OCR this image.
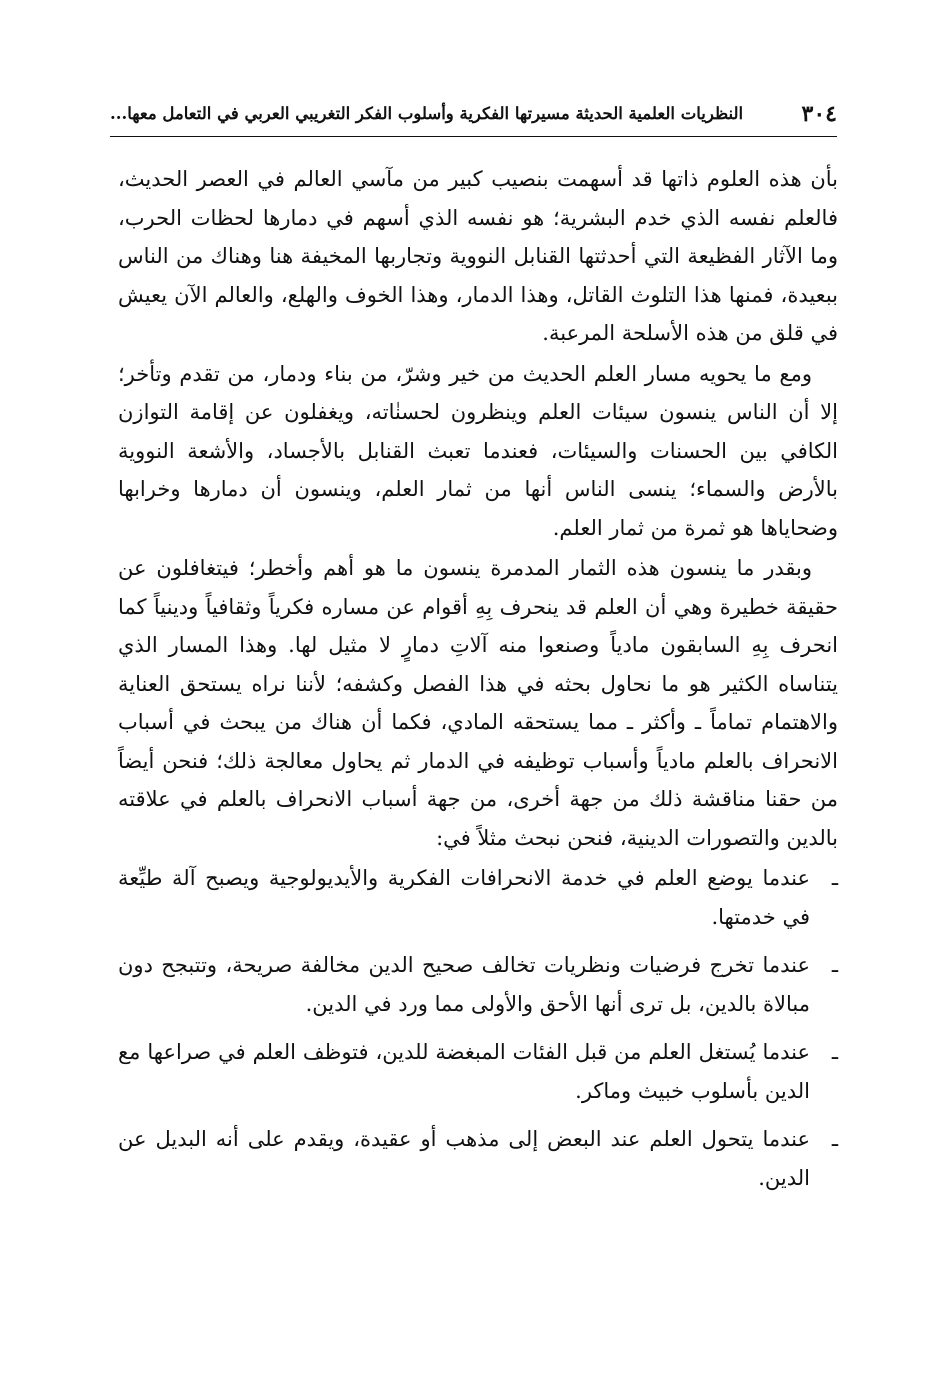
٣٠٤
النظريات العلمية الحديثة مسيرتها الفكرية وأسلوب الفكر التغريبي العربي في التعامل معها...

بأن هذه العلوم ذاتها قد أسهمت بنصيب كبير من مآسي العالم في العصر الحديث، فالعلم نفسه الذي خدم البشرية؛ هو نفسه الذي أسهم في دمارها لحظات الحرب، وما الآثار الفظيعة التي أحدثتها القنابل النووية وتجاربها المخيفة هنا وهناك من الناس ببعيدة، فمنها هذا التلوث القاتل، وهذا الدمار، وهذا الخوف والهلع، والعالم الآن يعيش في قلق من هذه الأسلحة المرعبة.

ومع ما يحويه مسار العلم الحديث من خير وشرّ، من بناء ودمار، من تقدم وتأخر؛ إلا أن الناس ينسون سيئات العلم وينظرون لحسنٰاته، ويغفلون عن إقامة التوازن الكافي بين الحسنات والسيئات، فعندما تعبث القنابل بالأجساد، والأشعة النووية بالأرض والسماء؛ ينسى الناس أنها من ثمار العلم، وينسون أن دمارها وخرابها وضحاياها هو ثمرة من ثمار العلم.

وبقدر ما ينسون هذه الثمار المدمرة ينسون ما هو أهم وأخطر؛ فيتغافلون عن حقيقة خطيرة وهي أن العلم قد ينحرف بِهِ أقوام عن مساره فكرياً وثقافياً ودينياً كما انحرف بِهِ السابقون مادياً وصنعوا منه آلاتِ دمارٍ لا مثيل لها. وهذا المسار الذي يتناساه الكثير هو ما نحاول بحثه في هذا الفصل وكشفه؛ لأننا نراه يستحق العناية والاهتمام تماماً ـ وأكثر ـ مما يستحقه المادي، فكما أن هناك من يبحث في أسباب الانحراف بالعلم مادياً وأسباب توظيفه في الدمار ثم يحاول معالجة ذلك؛ فنحن أيضاً من حقنا مناقشة ذلك من جهة أخرى، من جهة أسباب الانحراف بالعلم في علاقته بالدين والتصورات الدينية، فنحن نبحث مثلاً في:

ـ
عندما يوضع العلم في خدمة الانحرافات الفكرية والأيديولوجية ويصبح آلة طيِّعة في خدمتها.
ـ
عندما تخرج فرضيات ونظريات تخالف صحيح الدين مخالفة صريحة، وتتبجح دون مبالاة بالدين، بل ترى أنها الأحق والأولى مما ورد في الدين.
ـ
عندما يُستغل العلم من قبل الفئات المبغضة للدين، فتوظف العلم في صراعها مع الدين بأسلوب خبيث وماكر.
ـ
عندما يتحول العلم عند البعض إلى مذهب أو عقيدة، ويقدم على أنه البديل عن الدين.
